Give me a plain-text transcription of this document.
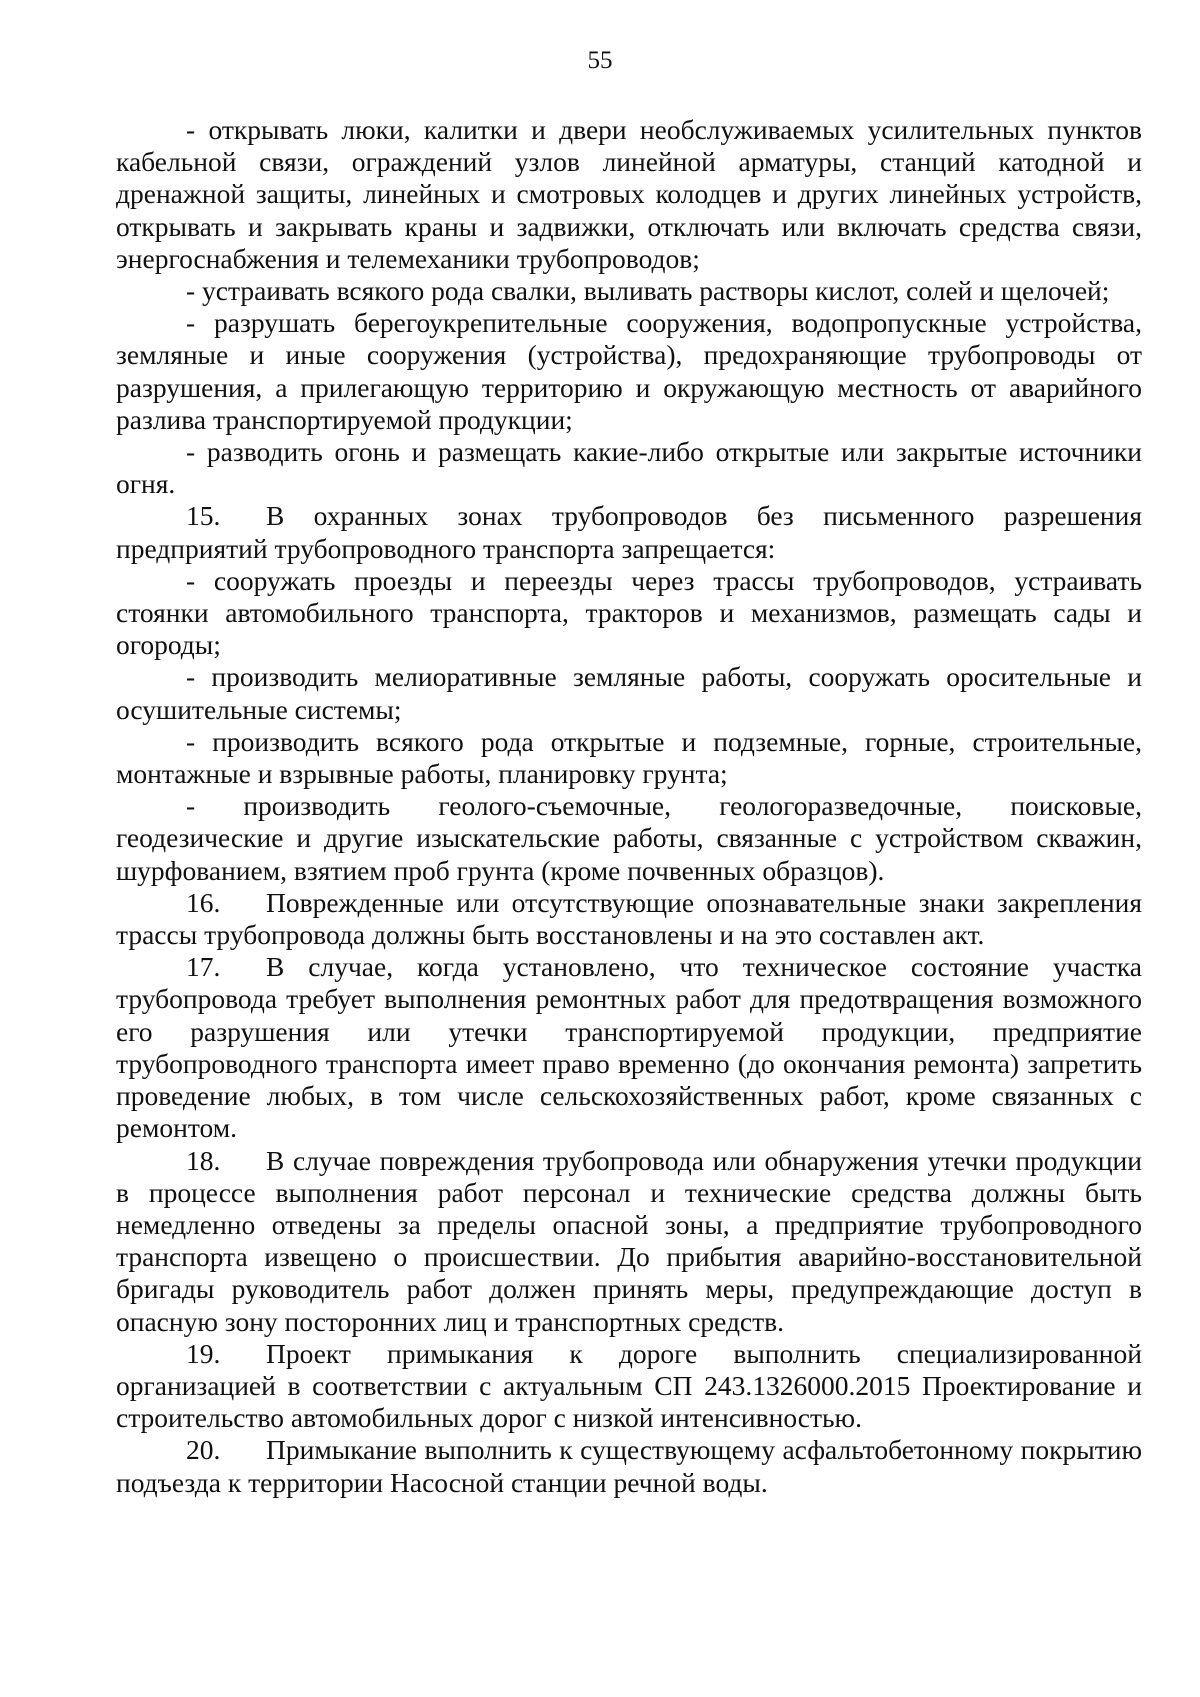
55

- открывать люки, калитки и двери необслуживаемых усилительных пунктов кабельной связи, ограждений узлов линейной арматуры, станций катодной и дренажной защиты, линейных и смотровых колодцев и других линейных устройств, открывать и закрывать краны и задвижки, отключать или включать средства связи, энергоснабжения и телемеханики трубопроводов;

- устраивать всякого рода свалки, выливать растворы кислот, солей и щелочей;

- разрушать берегоукрепительные сооружения, водопропускные устройства, земляные и иные сооружения (устройства), предохраняющие трубопроводы от разрушения, а прилегающую территорию и окружающую местность от аварийного разлива транспортируемой продукции;

- разводить огонь и размещать какие-либо открытые или закрытые источники огня.

15. В охранных зонах трубопроводов без письменного разрешения предприятий трубопроводного транспорта запрещается:

- сооружать проезды и переезды через трассы трубопроводов, устраивать стоянки автомобильного транспорта, тракторов и механизмов, размещать сады и огороды;

- производить мелиоративные земляные работы, сооружать оросительные и осушительные системы;

- производить всякого рода открытые и подземные, горные, строительные, монтажные и взрывные работы, планировку грунта;

- производить геолого-съемочные, геологоразведочные, поисковые,

геодезические и другие изыскательские работы, связанные с устройством скважин, шурфованием, взятием проб грунта (кроме почвенных образцов).

16. Поврежденные или отсутствующие опознавательные знаки закрепления трассы трубопровода должны быть восстановлены и на это составлен акт.

17. В случае, когда установлено, что техническое состояние участка трубопровода требует выполнения ремонтных работ для предотвращения возможного его разрушения или утечки транспортируемой продукции, предприятие трубопроводного транспорта имеет право временно (до окончания ремонта) запретить проведение любых, в том числе сельскохозяйственных работ, кроме связанных с ремонтом.

18. В случае повреждения трубопровода или обнаружения утечки продукции в процессе выполнения работ персонал и технические средства должны быть немедленно отведены за пределы опасной зоны, а предприятие трубопроводного транспорта извещено о происшествии. До прибытия аварийно-восстановительной бригады руководитель работ должен принять меры, предупреждающие доступ в опасную зону посторонних лиц и транспортных средств.

19. Проект примыкания к дороге выполнить специализированной организацией в соответствии с актуальным СП 243.1326000.2015 Проектирование и строительство автомобильных дорог с низкой интенсивностью.

20. Примыкание выполнить к существующему асфальтобетонному покрытию подъезда к территории Насосной станции речной воды.
